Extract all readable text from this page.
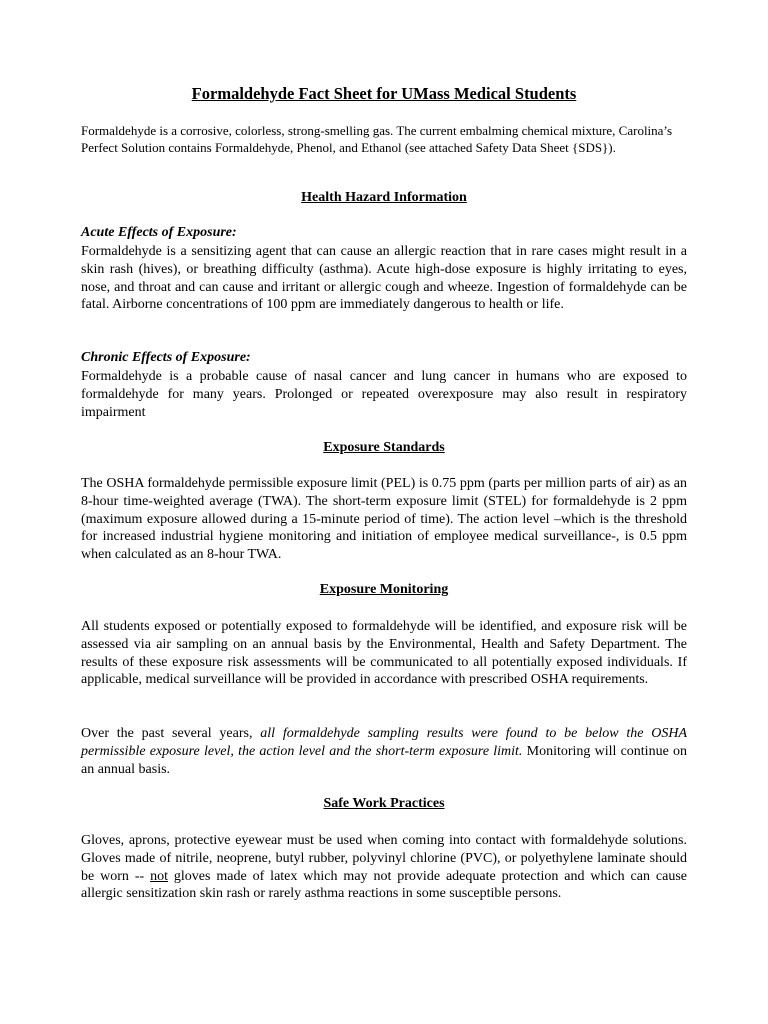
Formaldehyde Fact Sheet for UMass Medical Students

Formaldehyde is a corrosive, colorless, strong-smelling gas. The current embalming chemical mixture, Carolina’s Perfect Solution contains Formaldehyde, Phenol, and Ethanol (see attached Safety Data Sheet {SDS}).

Health Hazard Information
Acute Effects of Exposure:

Formaldehyde is a sensitizing agent that can cause an allergic reaction that in rare cases might result in a skin rash (hives), or breathing difficulty (asthma). Acute high-dose exposure is highly irritating to eyes, nose, and throat and can cause and irritant or allergic cough and wheeze. Ingestion of formaldehyde can be fatal. Airborne concentrations of 100 ppm are immediately dangerous to health or life.

Chronic Effects of Exposure:

Formaldehyde is a probable cause of nasal cancer and lung cancer in humans who are exposed to formaldehyde for many years. Prolonged or repeated overexposure may also result in respiratory impairment

Exposure Standards

The OSHA formaldehyde permissible exposure limit (PEL) is 0.75 ppm (parts per million parts of air) as an 8-hour time-weighted average (TWA). The short-term exposure limit (STEL) for formaldehyde is 2 ppm (maximum exposure allowed during a 15-minute period of time). The action level –which is the threshold for increased industrial hygiene monitoring and initiation of employee medical surveillance-, is 0.5 ppm when calculated as an 8-hour TWA.

Exposure Monitoring

All students exposed or potentially exposed to formaldehyde will be identified, and exposure risk will be assessed via air sampling on an annual basis by the Environmental, Health and Safety Department. The results of these exposure risk assessments will be communicated to all potentially exposed individuals. If applicable, medical surveillance will be provided in accordance with prescribed OSHA requirements.

Over the past several years, all formaldehyde sampling results were found to be below the OSHA permissible exposure level, the action level and the short-term exposure limit. Monitoring will continue on an annual basis.

Safe Work Practices

Gloves, aprons, protective eyewear must be used when coming into contact with formaldehyde solutions. Gloves made of nitrile, neoprene, butyl rubber, polyvinyl chlorine (PVC), or polyethylene laminate should be worn -- not gloves made of latex which may not provide adequate protection and which can cause allergic sensitization skin rash or rarely asthma reactions in some susceptible persons.
